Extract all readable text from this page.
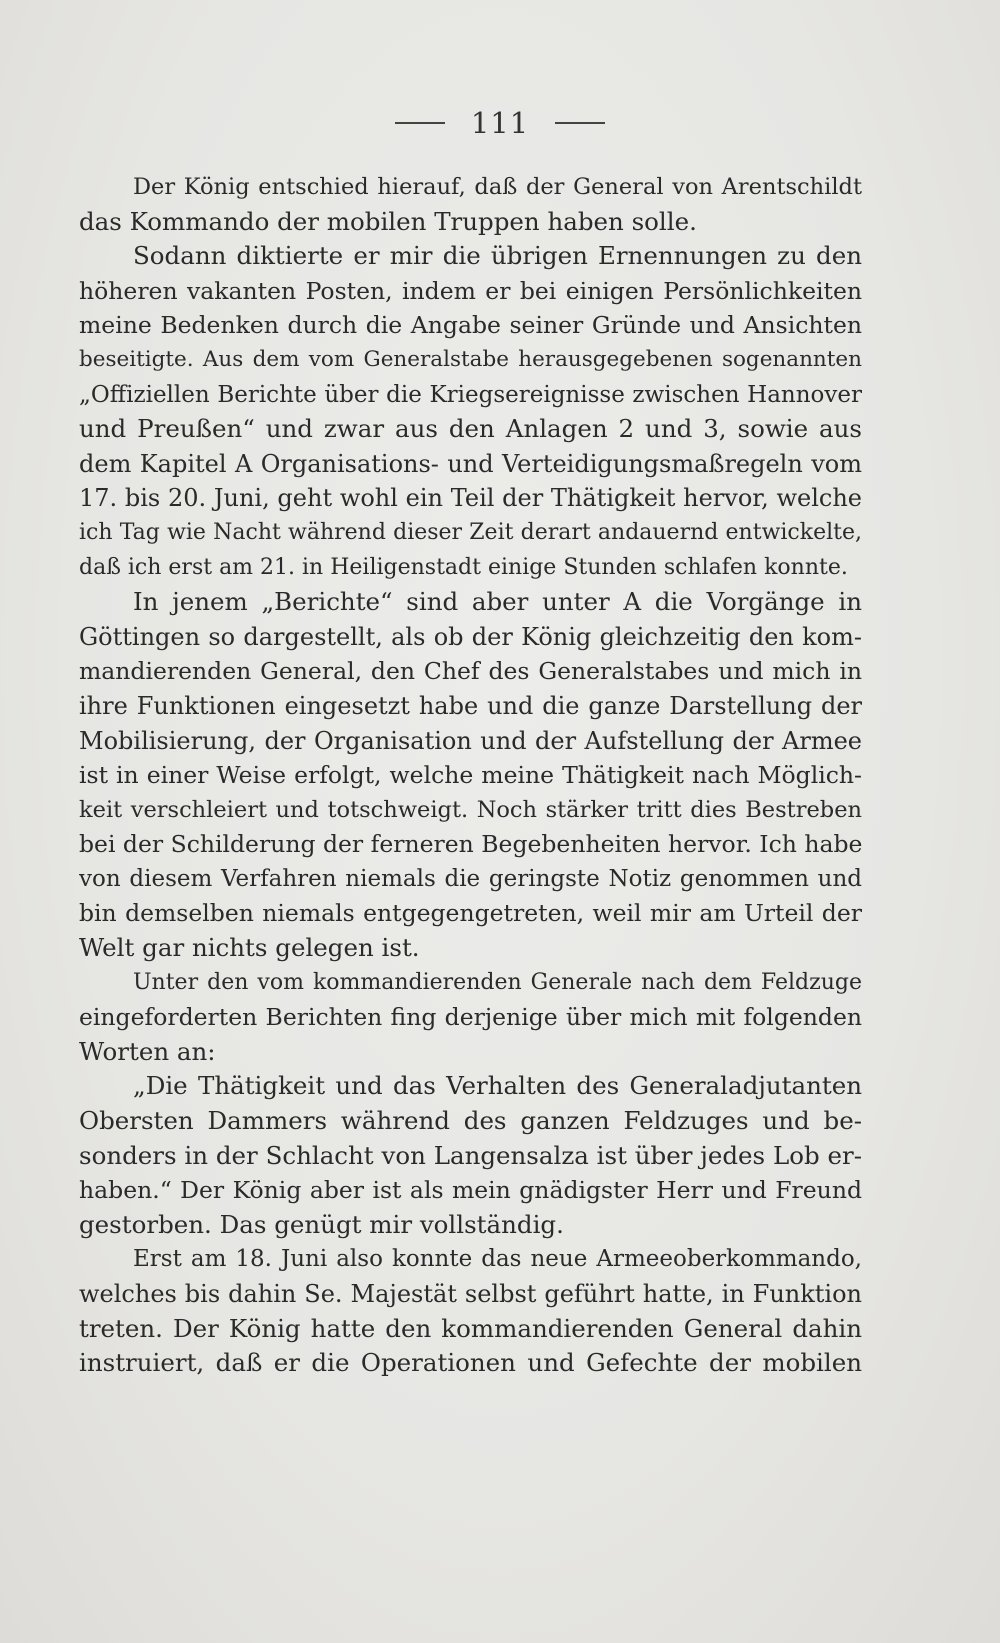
111
Der König entschied hierauf, daß der General von Arentschildt
das Kommando der mobilen Truppen haben solle.
Sodann diktierte er mir die übrigen Ernennungen zu den
höheren vakanten Posten, indem er bei einigen Persönlichkeiten
meine Bedenken durch die Angabe seiner Gründe und Ansichten
beseitigte. Aus dem vom Generalstabe herausgegebenen sogenannten
„Offiziellen Berichte über die Kriegsereignisse zwischen Hannover
und Preußen“ und zwar aus den Anlagen 2 und 3, sowie aus
dem Kapitel A Organisations- und Verteidigungsmaßregeln vom
17. bis 20. Juni, geht wohl ein Teil der Thätigkeit hervor, welche
ich Tag wie Nacht während dieser Zeit derart andauernd entwickelte,
daß ich erst am 21. in Heiligenstadt einige Stunden schlafen konnte.
In jenem „Berichte“ sind aber unter A die Vorgänge in
Göttingen so dargestellt, als ob der König gleichzeitig den kom-
mandierenden General, den Chef des Generalstabes und mich in
ihre Funktionen eingesetzt habe und die ganze Darstellung der
Mobilisierung, der Organisation und der Aufstellung der Armee
ist in einer Weise erfolgt, welche meine Thätigkeit nach Möglich-
keit verschleiert und totschweigt. Noch stärker tritt dies Bestreben
bei der Schilderung der ferneren Begebenheiten hervor. Ich habe
von diesem Verfahren niemals die geringste Notiz genommen und
bin demselben niemals entgegengetreten, weil mir am Urteil der
Welt gar nichts gelegen ist.
Unter den vom kommandierenden Generale nach dem Feldzuge
eingeforderten Berichten fing derjenige über mich mit folgenden
Worten an:
„Die Thätigkeit und das Verhalten des Generaladjutanten
Obersten Dammers während des ganzen Feldzuges und be-
sonders in der Schlacht von Langensalza ist über jedes Lob er-
haben.“ Der König aber ist als mein gnädigster Herr und Freund
gestorben. Das genügt mir vollständig.
Erst am 18. Juni also konnte das neue Armeeoberkommando,
welches bis dahin Se. Majestät selbst geführt hatte, in Funktion
treten. Der König hatte den kommandierenden General dahin
instruiert, daß er die Operationen und Gefechte der mobilen
